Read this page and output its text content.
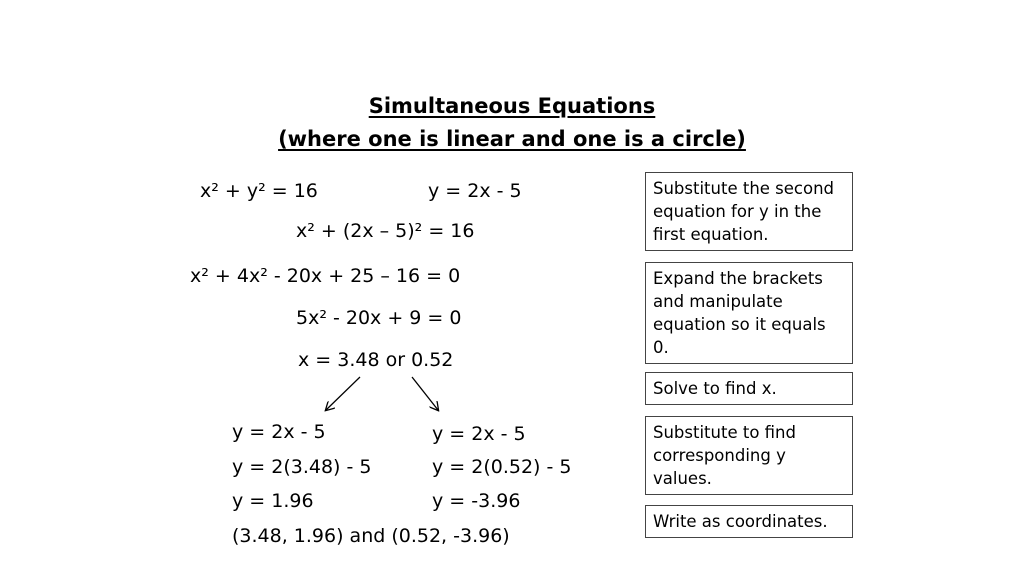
Simultaneous Equations
(where one is linear and one is a circle)
x² + y² = 16	y = 2x - 5
x² + (2x – 5)² = 16
x² + 4x² - 20x + 25 – 16 = 0
5x² - 20x + 9 = 0
x = 3.48 or 0.52
y = 2x - 5
y = 2(3.48) - 5
y = 1.96
y = 2x - 5
y = 2(0.52) - 5
y = -3.96
(3.48, 1.96) and (0.52, -3.96)
Substitute the second equation for y in the first equation.
Expand the brackets and manipulate equation so it equals 0.
Solve to find x.
Substitute to find corresponding y values.
Write as coordinates.
